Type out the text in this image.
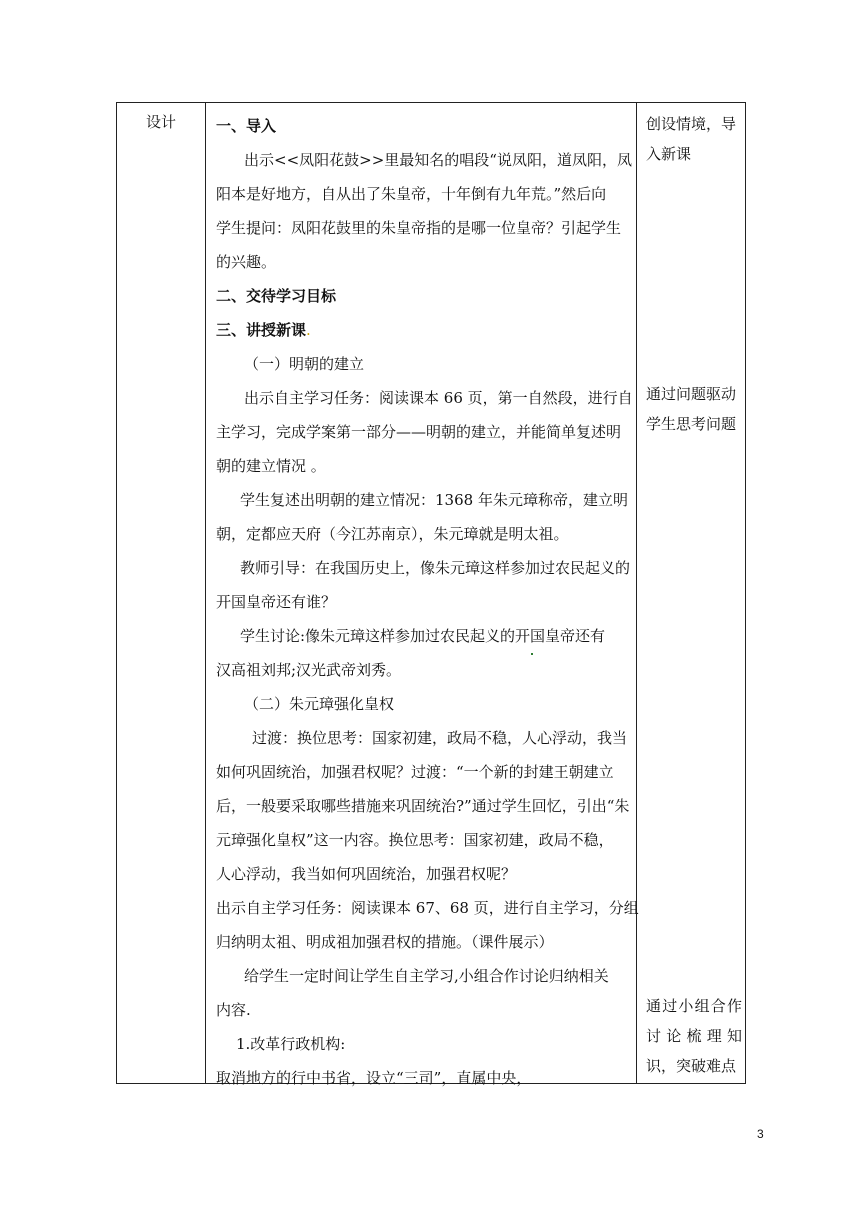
设计	一、导入
出示<<凤阳花鼓>>里最知名的唱段“说凤阳，道凤阳，凤
阳本是好地方，自从出了朱皇帝，十年倒有九年荒。”然后向
学生提问：凤阳花鼓里的朱皇帝指的是哪一位皇帝？引起学生
的兴趣。
二、交待学习目标
三、讲授新课.
（一）明朝的建立
出示自主学习任务：阅读课本 66 页，第一自然段，进行自
主学习，完成学案第一部分——明朝的建立，并能简单复述明
朝的建立情况 。
学生复述出明朝的建立情况：1368 年朱元璋称帝，建立明
朝，定都应天府（今江苏南京），朱元璋就是明太祖。
教师引导：在我国历史上，像朱元璋这样参加过农民起义的
开国皇帝还有谁？
学生讨论:像朱元璋这样参加过农民起义的开国皇帝还有
汉高祖刘邦;汉光武帝刘秀。
（二）朱元璋强化皇权
过渡：换位思考：国家初建，政局不稳，人心浮动，我当
如何巩固统治，加强君权呢？过渡：“一个新的封建王朝建立
后，一般要采取哪些措施来巩固统治?”通过学生回忆，引出“朱
元璋强化皇权”这一内容。换位思考：国家初建，政局不稳，
人心浮动，我当如何巩固统治，加强君权呢？
出示自主学习任务：阅读课本 67、68 页，进行自主学习，分组
归纳明太祖、明成祖加强君权的措施。（课件展示）
给学生一定时间让学生自主学习,小组合作讨论归纳相关
内容.
1.改革行政机构:
取消地方的行中书省，设立“三司”，直属中央，
创设情境，导
入新课
通过问题驱动
学生思考问题
通过小组合作
讨论梳理知
识，突破难点
3
